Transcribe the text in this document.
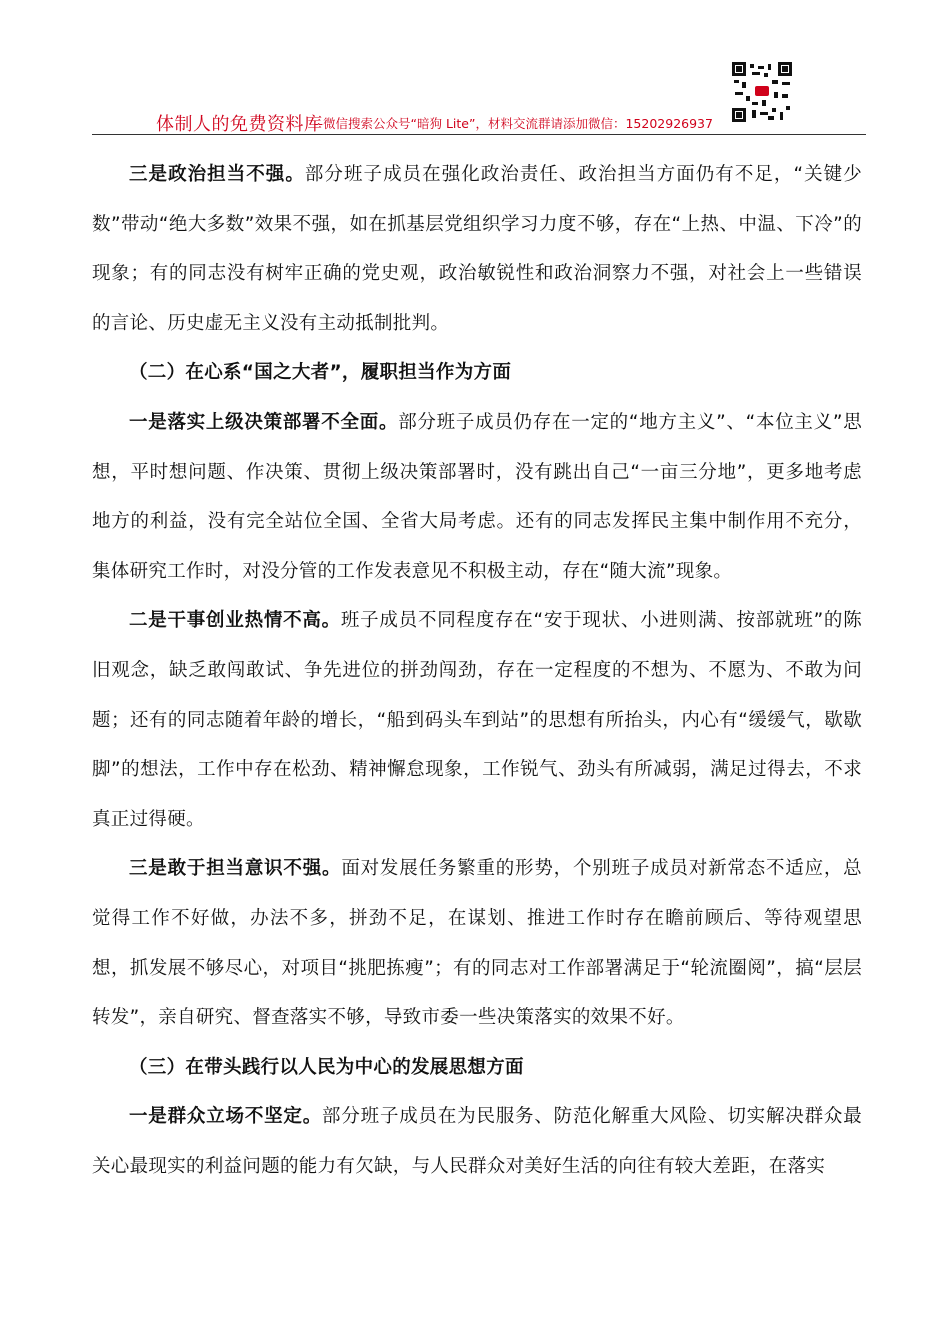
体制人的免费资料库
--微信搜索公众号“暗狗 Lite”，材料交流群请添加微信：15202926937

三是政治担当不强。部分班子成员在强化政治责任、政治担当方面仍有不足，“关键少数”带动“绝大多数”效果不强，如在抓基层党组织学习力度不够，存在“上热、中温、下冷”的现象；有的同志没有树牢正确的党史观，政治敏锐性和政治洞察力不强，对社会上一些错误的言论、历史虚无主义没有主动抵制批判。

（二）在心系“国之大者”，履职担当作为方面

一是落实上级决策部署不全面。部分班子成员仍存在一定的“地方主义”、“本位主义”思想，平时想问题、作决策、贯彻上级决策部署时，没有跳出自己“一亩三分地”，更多地考虑地方的利益，没有完全站位全国、全省大局考虑。还有的同志发挥民主集中制作用不充分，集体研究工作时，对没分管的工作发表意见不积极主动，存在“随大流”现象。

二是干事创业热情不高。班子成员不同程度存在“安于现状、小进则满、按部就班”的陈旧观念，缺乏敢闯敢试、争先进位的拼劲闯劲，存在一定程度的不想为、不愿为、不敢为问题；还有的同志随着年龄的增长，“船到码头车到站”的思想有所抬头，内心有“缓缓气，歇歇脚”的想法，工作中存在松劲、精神懈怠现象，工作锐气、劲头有所减弱，满足过得去，不求真正过得硬。

三是敢于担当意识不强。面对发展任务繁重的形势，个别班子成员对新常态不适应，总觉得工作不好做，办法不多，拼劲不足，在谋划、推进工作时存在瞻前顾后、等待观望思想，抓发展不够尽心，对项目“挑肥拣瘦”；有的同志对工作部署满足于“轮流圈阅”，搞“层层转发”，亲自研究、督查落实不够，导致市委一些决策落实的效果不好。

（三）在带头践行以人民为中心的发展思想方面

一是群众立场不坚定。部分班子成员在为民服务、防范化解重大风险、切实解决群众最关心最现实的利益问题的能力有欠缺，与人民群众对美好生活的向往有较大差距，在落实
